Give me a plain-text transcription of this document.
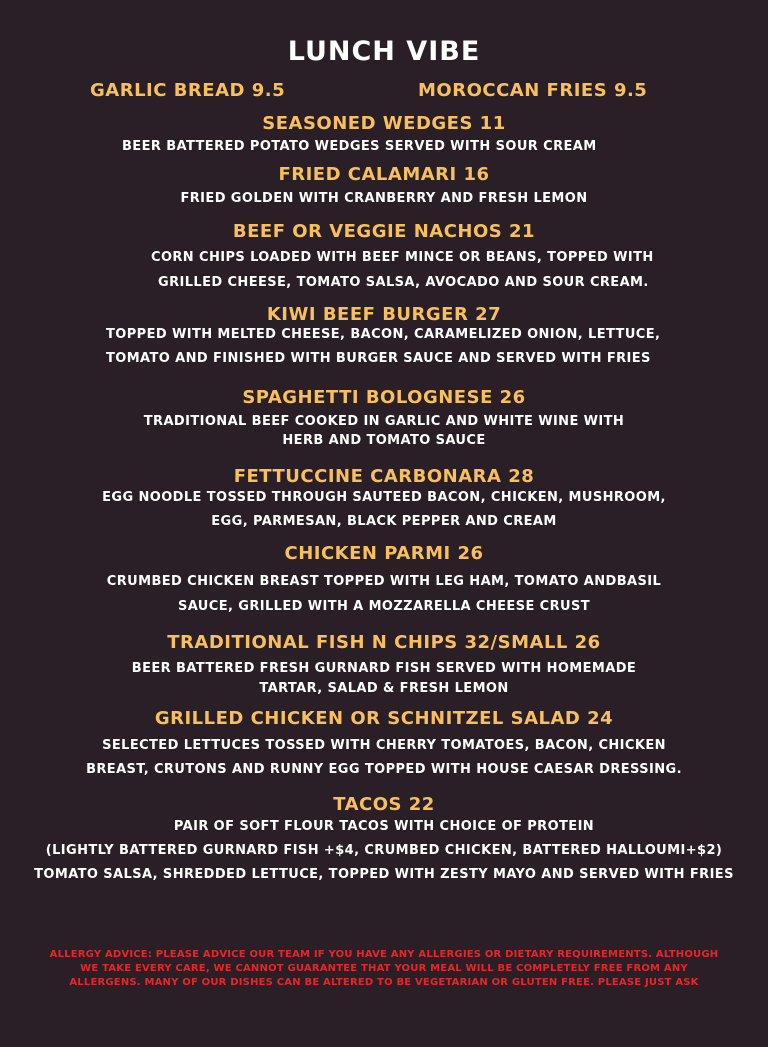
LUNCH VIBE
GARLIC BREAD 9.5	MOROCCAN FRIES 9.5
SEASONED WEDGES 11
BEER BATTERED POTATO WEDGES SERVED WITH SOUR CREAM
FRIED CALAMARI 16
FRIED GOLDEN WITH CRANBERRY AND FRESH LEMON
BEEF OR VEGGIE NACHOS 21
CORN CHIPS LOADED WITH BEEF MINCE OR BEANS, TOPPED WITH
GRILLED CHEESE, TOMATO SALSA, AVOCADO AND SOUR CREAM.
KIWI BEEF BURGER 27
TOPPED WITH MELTED CHEESE, BACON, CARAMELIZED ONION, LETTUCE,
TOMATO AND FINISHED WITH BURGER SAUCE AND SERVED WITH FRIES
SPAGHETTI BOLOGNESE 26
TRADITIONAL BEEF COOKED IN GARLIC AND WHITE WINE WITH
HERB AND TOMATO SAUCE
FETTUCCINE CARBONARA 28
EGG NOODLE TOSSED THROUGH SAUTEED BACON, CHICKEN, MUSHROOM,
EGG, PARMESAN, BLACK PEPPER AND CREAM
CHICKEN PARMI 26
CRUMBED CHICKEN BREAST TOPPED WITH LEG HAM, TOMATO ANDBASIL
SAUCE, GRILLED WITH A MOZZARELLA CHEESE CRUST
TRADITIONAL FISH N CHIPS 32/SMALL 26
BEER BATTERED FRESH GURNARD FISH SERVED WITH HOMEMADE
TARTAR, SALAD & FRESH LEMON
GRILLED CHICKEN OR SCHNITZEL SALAD 24
SELECTED LETTUCES TOSSED WITH CHERRY TOMATOES, BACON, CHICKEN
BREAST, CRUTONS AND RUNNY EGG TOPPED WITH HOUSE CAESAR DRESSING.
TACOS 22
PAIR OF SOFT FLOUR TACOS WITH CHOICE OF PROTEIN
(LIGHTLY BATTERED GURNARD FISH +$4, CRUMBED CHICKEN, BATTERED HALLOUMI+$2)
TOMATO SALSA, SHREDDED LETTUCE, TOPPED WITH ZESTY MAYO AND SERVED WITH FRIES
ALLERGY ADVICE: PLEASE ADVICE OUR TEAM IF YOU HAVE ANY ALLERGIES OR DIETARY REQUIREMENTS. ALTHOUGH
WE TAKE EVERY CARE, WE CANNOT GUARANTEE THAT YOUR MEAL WILL BE COMPLETELY FREE FROM ANY
ALLERGENS. MANY OF OUR DISHES CAN BE ALTERED TO BE VEGETARIAN OR GLUTEN FREE. PLEASE JUST ASK
